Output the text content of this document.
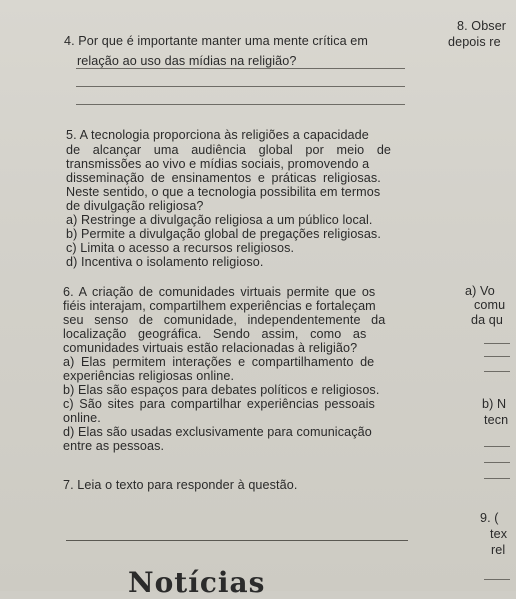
4. Por que é importante manter uma mente crítica em
relação ao uso das mídias na religião?
5. A tecnologia proporciona às religiões a capacidade
de alcançar uma audiência global por meio de
transmissões ao vivo e mídias sociais, promovendo a
disseminação de ensinamentos e práticas religiosas.
Neste sentido, o que a tecnologia possibilita em termos
de divulgação religiosa?
a) Restringe a divulgação religiosa a um público local.
b) Permite a divulgação global de pregações religiosas.
c) Limita o acesso a recursos religiosos.
d) Incentiva o isolamento religioso.
6. A criação de comunidades virtuais permite que os
fiéis interajam, compartilhem experiências e fortaleçam
seu senso de comunidade, independentemente da
localização geográfica. Sendo assim, como as
comunidades virtuais estão relacionadas à religião?
a) Elas permitem interações e compartilhamento de
experiências religiosas online.
b) Elas são espaços para debates políticos e religiosos.
c) São sites para compartilhar experiências pessoais
online.
d) Elas são usadas exclusivamente para comunicação
entre as pessoas.
7. Leia o texto para responder à questão.
Notícias
8. Obser
depois re
a) Vo
comu
da qu
b) N
tecn
9. (
tex
rel
